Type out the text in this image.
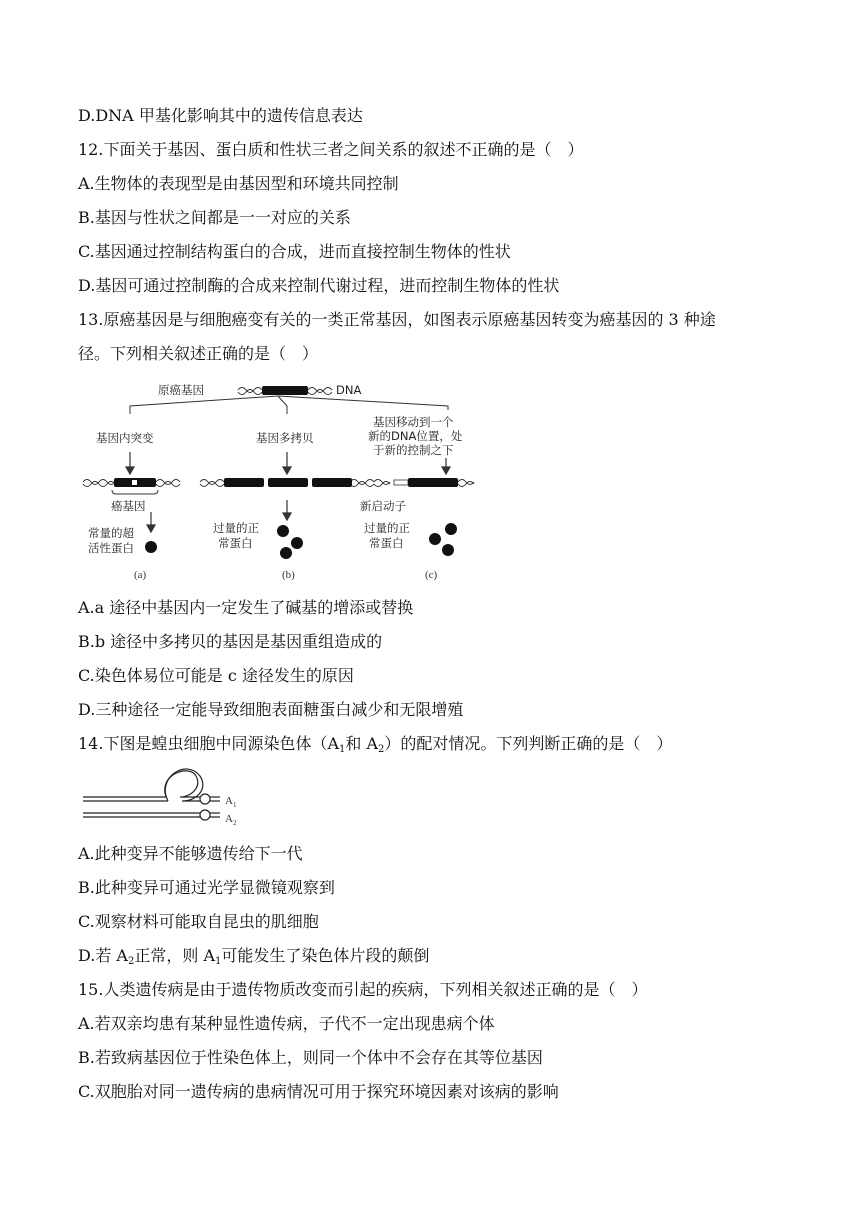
D.DNA 甲基化影响其中的遗传信息表达
12.下面关于基因、蛋白质和性状三者之间关系的叙述不正确的是（　）
A.生物体的表现型是由基因型和环境共同控制
B.基因与性状之间都是一一对应的关系
C.基因通过控制结构蛋白的合成，进而直接控制生物体的性状
D.基因可通过控制酶的合成来控制代谢过程，进而控制生物体的性状
13.原癌基因是与细胞癌变有关的一类正常基因，如图表示原癌基因转变为癌基因的 3 种途
径。下列相关叙述正确的是（　）
原癌基因	DNA
基因内突变	基因多拷贝
基因移动到一个
新的DNA位置，处
于新的控制之下
癌基因	新启动子
常量的超
活性蛋白
过量的正
常蛋白
过量的正
常蛋白
(a)	(b)	(c)
A.a 途径中基因内一定发生了碱基的增添或替换
B.b 途径中多拷贝的基因是基因重组造成的
C.染色体易位可能是 c 途径发生的原因
D.三种途径一定能导致细胞表面糖蛋白减少和无限增殖
14.下图是蝗虫细胞中同源染色体（$A_1$和 $A_2$）的配对情况。下列判断正确的是（　）
$A_1$
$A_2$
A.此种变异不能够遗传给下一代
B.此种变异可通过光学显微镜观察到
C.观察材料可能取自昆虫的肌细胞
D.若 $A_2$正常，则 $A_1$可能发生了染色体片段的颠倒
15.人类遗传病是由于遗传物质改变而引起的疾病，下列相关叙述正确的是（　）
A.若双亲均患有某种显性遗传病，子代不一定出现患病个体
B.若致病基因位于性染色体上，则同一个体中不会存在其等位基因
C.双胞胎对同一遗传病的患病情况可用于探究环境因素对该病的影响
